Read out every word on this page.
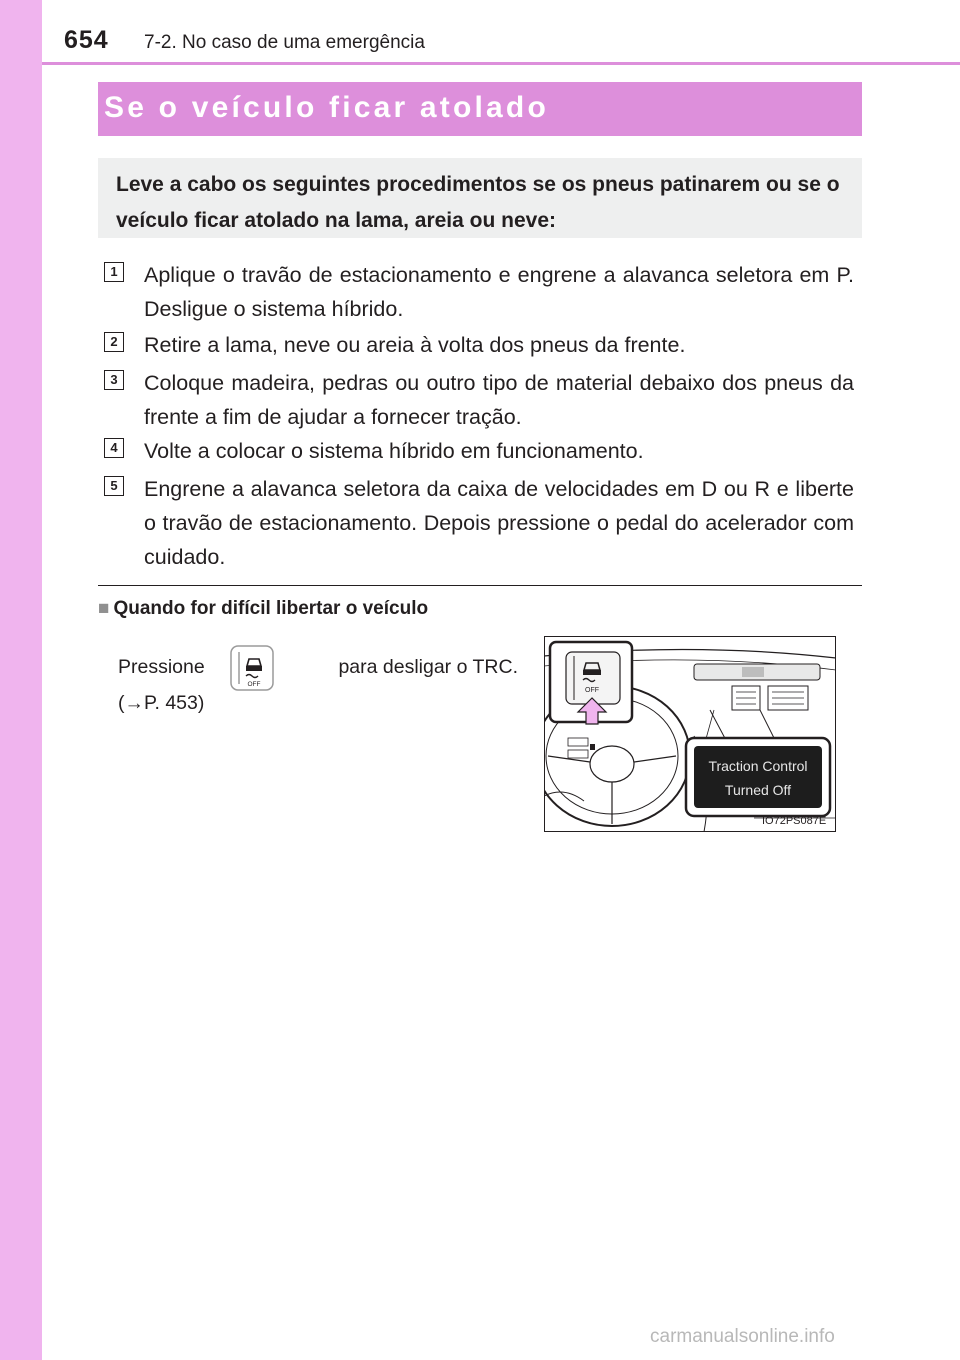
654 7-2. No caso de uma emergência
Se o veículo ficar atolado
Leve a cabo os seguintes procedimentos se os pneus patinarem ou se o veículo ficar atolado na lama, areia ou neve:
1 Aplique o travão de estacionamento e engrene a alavanca seletora em P. Desligue o sistema híbrido.
2 Retire a lama, neve ou areia à volta dos pneus da frente.
3 Coloque madeira, pedras ou outro tipo de material debaixo dos pneus da frente a fim de ajudar a fornecer tração.
4 Volte a colocar o sistema híbrido em funcionamento.
5 Engrene a alavanca seletora da caixa de velocidades em D ou R e liberte o travão de estacionamento. Depois pressione o pedal do acelerador com cuidado.
■ Quando for difícil libertar o veículo
Pressione
OFF
para desligar o TRC.
(→P. 453)
OFF
Traction Control
Turned Off
IO72PS087E
carmanualsonline.info
